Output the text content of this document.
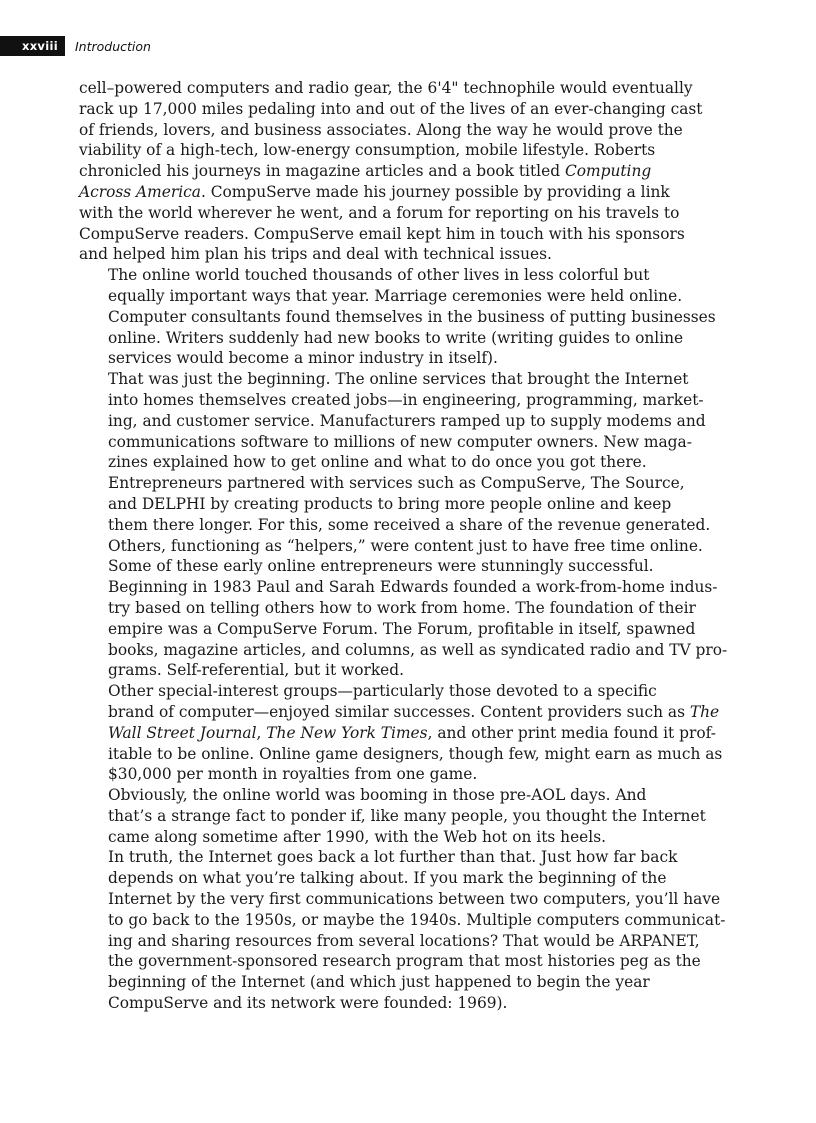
xxviii	Introduction

cell–powered computers and radio gear, the 6'4" technophile would eventually
rack up 17,000 miles pedaling into and out of the lives of an ever-changing cast
of friends, lovers, and business associates. Along the way he would prove the
viability of a high-tech, low-energy consumption, mobile lifestyle. Roberts
chronicled his journeys in magazine articles and a book titled Computing
Across America. CompuServe made his journey possible by providing a link
with the world wherever he went, and a forum for reporting on his travels to
CompuServe readers. CompuServe email kept him in touch with his sponsors
and helped him plan his trips and deal with technical issues.

The online world touched thousands of other lives in less colorful but
equally important ways that year. Marriage ceremonies were held online.
Computer consultants found themselves in the business of putting businesses
online. Writers suddenly had new books to write (writing guides to online
services would become a minor industry in itself).

That was just the beginning. The online services that brought the Internet
into homes themselves created jobs—in engineering, programming, market-
ing, and customer service. Manufacturers ramped up to supply modems and
communications software to millions of new computer owners. New maga-
zines explained how to get online and what to do once you got there.

Entrepreneurs partnered with services such as CompuServe, The Source,
and DELPHI by creating products to bring more people online and keep
them there longer. For this, some received a share of the revenue generated.
Others, functioning as “helpers,” were content just to have free time online.

Some of these early online entrepreneurs were stunningly successful.
Beginning in 1983 Paul and Sarah Edwards founded a work-from-home indus-
try based on telling others how to work from home. The foundation of their
empire was a CompuServe Forum. The Forum, profitable in itself, spawned
books, magazine articles, and columns, as well as syndicated radio and TV pro-
grams. Self-referential, but it worked.

Other special-interest groups—particularly those devoted to a specific
brand of computer—enjoyed similar successes. Content providers such as The
Wall Street Journal, The New York Times, and other print media found it prof-
itable to be online. Online game designers, though few, might earn as much as
$30,000 per month in royalties from one game.

Obviously, the online world was booming in those pre-AOL days. And
that’s a strange fact to ponder if, like many people, you thought the Internet
came along sometime after 1990, with the Web hot on its heels.

In truth, the Internet goes back a lot further than that. Just how far back
depends on what you’re talking about. If you mark the beginning of the
Internet by the very first communications between two computers, you’ll have
to go back to the 1950s, or maybe the 1940s. Multiple computers communicat-
ing and sharing resources from several locations? That would be ARPANET,
the government-sponsored research program that most histories peg as the
beginning of the Internet (and which just happened to begin the year
CompuServe and its network were founded: 1969).
